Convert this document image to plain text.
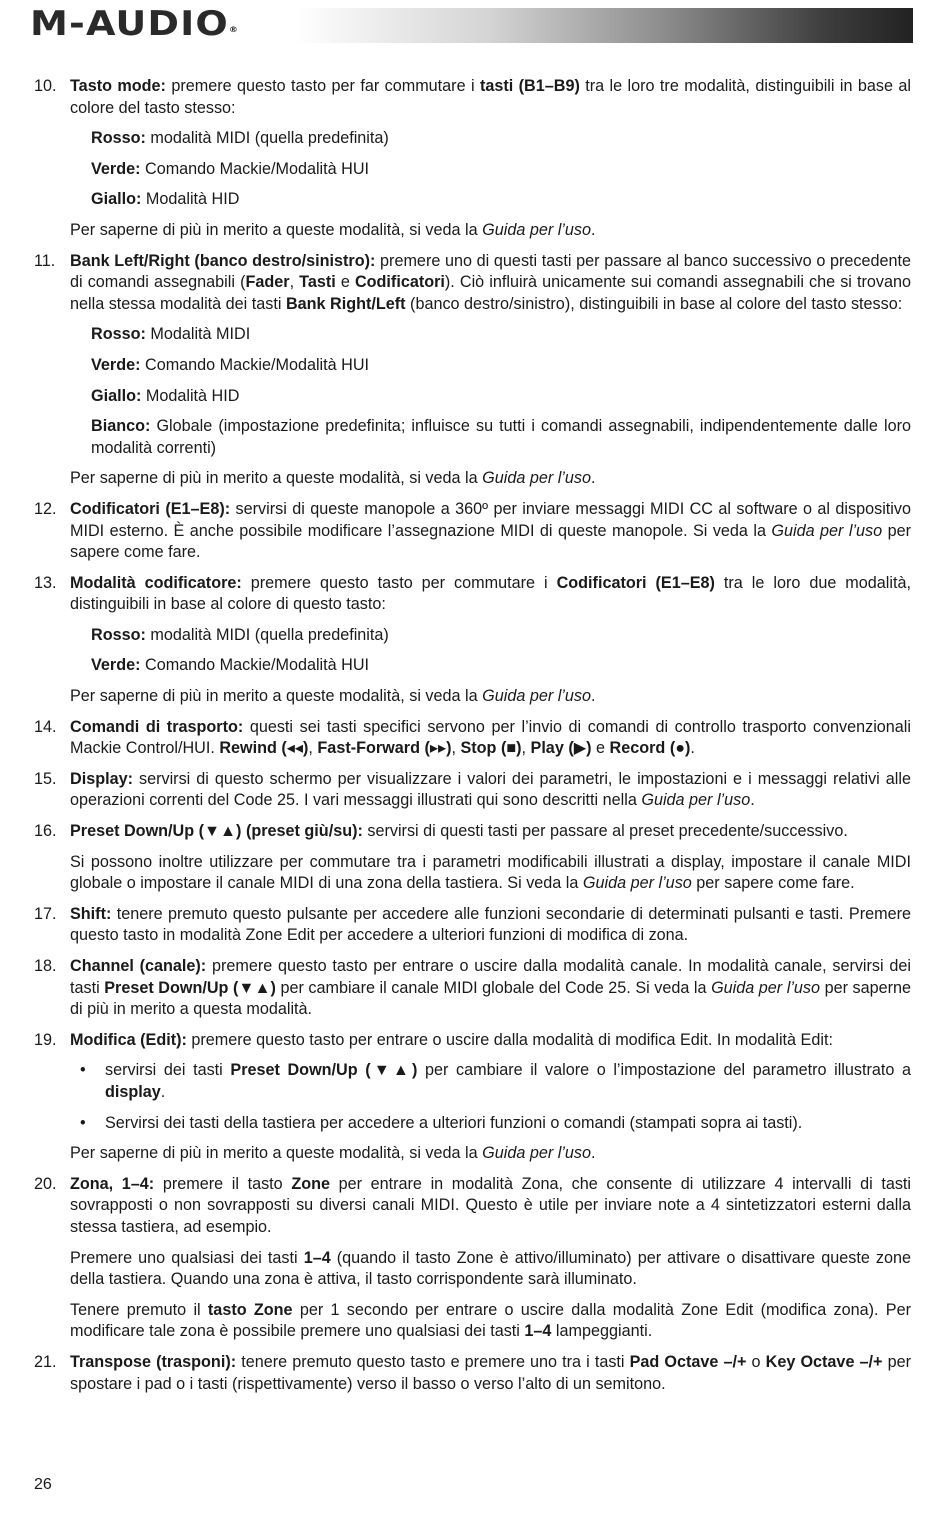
M-AUDIO®
10. Tasto mode: premere questo tasto per far commutare i tasti (B1–B9) tra le loro tre modalità, distinguibili in base al colore del tasto stesso:

Rosso: modalità MIDI (quella predefinita)

Verde: Comando Mackie/Modalità HUI

Giallo: Modalità HID

Per saperne di più in merito a queste modalità, si veda la Guida per l’uso.

11. Bank Left/Right (banco destro/sinistro): premere uno di questi tasti per passare al banco successivo o precedente di comandi assegnabili (Fader, Tasti e Codificatori). Ciò influirà unicamente sui comandi assegnabili che si trovano nella stessa modalità dei tasti Bank Right/Left (banco destro/sinistro), distinguibili in base al colore del tasto stesso:

Rosso: Modalità MIDI

Verde: Comando Mackie/Modalità HUI

Giallo: Modalità HID

Bianco: Globale (impostazione predefinita; influisce su tutti i comandi assegnabili, indipendentemente dalle loro modalità correnti)

Per saperne di più in merito a queste modalità, si veda la Guida per l’uso.

12. Codificatori (E1–E8): servirsi di queste manopole a 360º per inviare messaggi MIDI CC al software o al dispositivo MIDI esterno. È anche possibile modificare l’assegnazione MIDI di queste manopole. Si veda la Guida per l’uso per sapere come fare.

13. Modalità codificatore: premere questo tasto per commutare i Codificatori (E1–E8) tra le loro due modalità, distinguibili in base al colore di questo tasto:

Rosso: modalità MIDI (quella predefinita)

Verde: Comando Mackie/Modalità HUI

Per saperne di più in merito a queste modalità, si veda la Guida per l’uso.

14. Comandi di trasporto: questi sei tasti specifici servono per l’invio di comandi di controllo trasporto convenzionali Mackie Control/HUI. Rewind (◂◂), Fast-Forward (▸▸), Stop (■), Play (▶) e Record (●).

15. Display: servirsi di questo schermo per visualizzare i valori dei parametri, le impostazioni e i messaggi relativi alle operazioni correnti del Code 25. I vari messaggi illustrati qui sono descritti nella Guida per l’uso.

16. Preset Down/Up (▼▲) (preset giù/su): servirsi di questi tasti per passare al preset precedente/successivo.

Si possono inoltre utilizzare per commutare tra i parametri modificabili illustrati a display, impostare il canale MIDI globale o impostare il canale MIDI di una zona della tastiera. Si veda la Guida per l’uso per sapere come fare.

17. Shift: tenere premuto questo pulsante per accedere alle funzioni secondarie di determinati pulsanti e tasti. Premere questo tasto in modalità Zone Edit per accedere a ulteriori funzioni di modifica di zona.

18. Channel (canale): premere questo tasto per entrare o uscire dalla modalità canale. In modalità canale, servirsi dei tasti Preset Down/Up (▼▲) per cambiare il canale MIDI globale del Code 25. Si veda la Guida per l’uso per saperne di più in merito a questa modalità.

19. Modifica (Edit): premere questo tasto per entrare o uscire dalla modalità di modifica Edit. In modalità Edit:

• servirsi dei tasti Preset Down/Up (▼▲) per cambiare il valore o l’impostazione del parametro illustrato a display.
• Servirsi dei tasti della tastiera per accedere a ulteriori funzioni o comandi (stampati sopra ai tasti).

Per saperne di più in merito a queste modalità, si veda la Guida per l’uso.

20. Zona, 1–4: premere il tasto Zone per entrare in modalità Zona, che consente di utilizzare 4 intervalli di tasti sovrapposti o non sovrapposti su diversi canali MIDI. Questo è utile per inviare note a 4 sintetizzatori esterni dalla stessa tastiera, ad esempio.

Premere uno qualsiasi dei tasti 1–4 (quando il tasto Zone è attivo/illuminato) per attivare o disattivare queste zone della tastiera. Quando una zona è attiva, il tasto corrispondente sarà illuminato.

Tenere premuto il tasto Zone per 1 secondo per entrare o uscire dalla modalità Zone Edit (modifica zona). Per modificare tale zona è possibile premere uno qualsiasi dei tasti 1–4 lampeggianti.

21. Transpose (trasponi): tenere premuto questo tasto e premere uno tra i tasti Pad Octave –/+ o Key Octave –/+ per spostare i pad o i tasti (rispettivamente) verso il basso o verso l’alto di un semitono.

26
